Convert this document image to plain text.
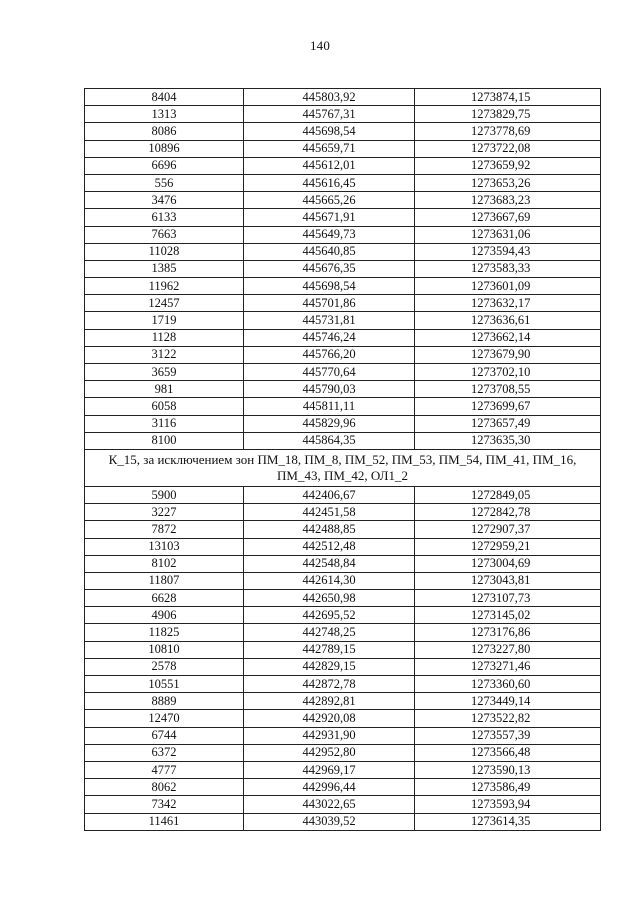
140
8404	445803,92	1273874,15
1313	445767,31	1273829,75
8086	445698,54	1273778,69
10896	445659,71	1273722,08
6696	445612,01	1273659,92
556	445616,45	1273653,26
3476	445665,26	1273683,23
6133	445671,91	1273667,69
7663	445649,73	1273631,06
11028	445640,85	1273594,43
1385	445676,35	1273583,33
11962	445698,54	1273601,09
12457	445701,86	1273632,17
1719	445731,81	1273636,61
1128	445746,24	1273662,14
3122	445766,20	1273679,90
3659	445770,64	1273702,10
981	445790,03	1273708,55
6058	445811,11	1273699,67
3116	445829,96	1273657,49
8100	445864,35	1273635,30
К_15, за исключением зон ПМ_18, ПМ_8, ПМ_52, ПМ_53, ПМ_54, ПМ_41, ПМ_16, ПМ_43, ПМ_42, ОЛ1_2		
5900	442406,67	1272849,05
3227	442451,58	1272842,78
7872	442488,85	1272907,37
13103	442512,48	1272959,21
8102	442548,84	1273004,69
11807	442614,30	1273043,81
6628	442650,98	1273107,73
4906	442695,52	1273145,02
11825	442748,25	1273176,86
10810	442789,15	1273227,80
2578	442829,15	1273271,46
10551	442872,78	1273360,60
8889	442892,81	1273449,14
12470	442920,08	1273522,82
6744	442931,90	1273557,39
6372	442952,80	1273566,48
4777	442969,17	1273590,13
8062	442996,44	1273586,49
7342	443022,65	1273593,94
11461	443039,52	1273614,35
